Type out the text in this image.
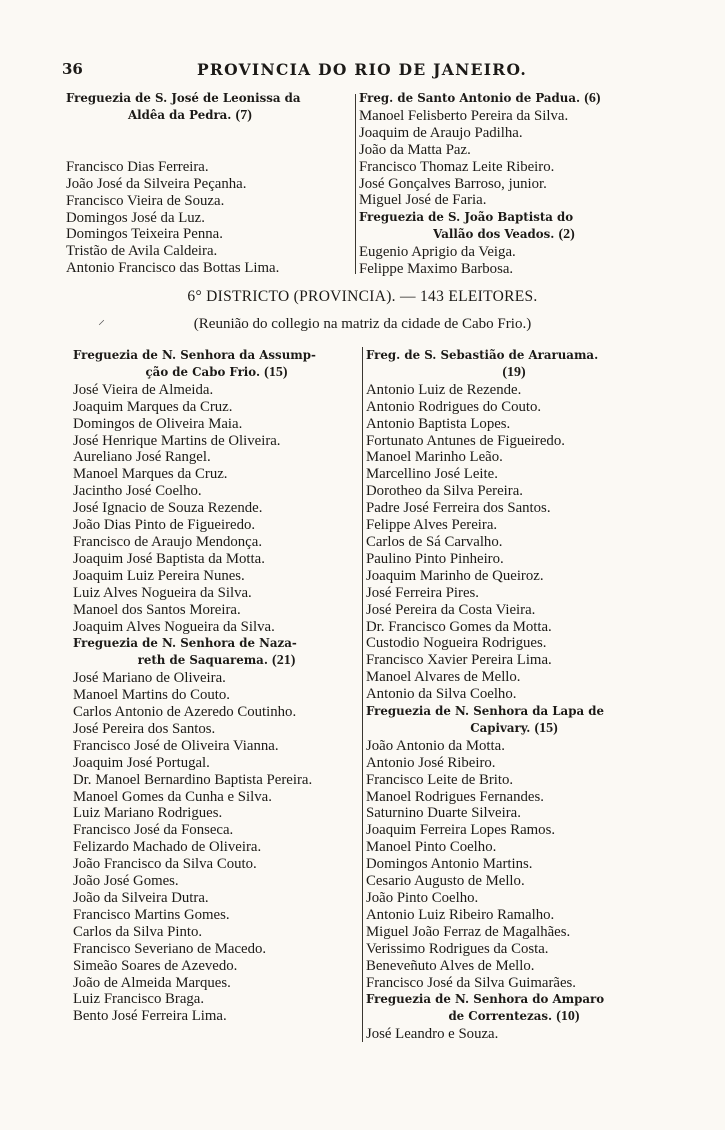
36	PROVINCIA DO RIO DE JANEIRO.
Freguezia de S. José de Leonissa da
Aldêa da Pedra. (7)
Francisco Dias Ferreira.
João José da Silveira Peçanha.
Francisco Vieira de Souza.
Domingos José da Luz.
Domingos Teixeira Penna.
Tristão de Avila Caldeira.
Antonio Francisco das Bottas Lima.
Freg. de Santo Antonio de Padua. (6)
Manoel Felisberto Pereira da Silva.
Joaquim de Araujo Padilha.
João da Matta Paz.
Francisco Thomaz Leite Ribeiro.
José Gonçalves Barroso, junior.
Miguel José de Faria.
Freguezia de S. João Baptista do
Vallão dos Veados. (2)
Eugenio Aprigio da Veiga.
Felippe Maximo Barbosa.
6° DISTRICTO (PROVINCIA). — 143 ELEITORES.
(Reunião do collegio na matriz da cidade de Cabo Frio.)
⸝
Freguezia de N. Senhora da Assump-
ção de Cabo Frio. (15)
José Vieira de Almeida.
Joaquim Marques da Cruz.
Domingos de Oliveira Maia.
José Henrique Martins de Oliveira.
Aureliano José Rangel.
Manoel Marques da Cruz.
Jacintho José Coelho.
José Ignacio de Souza Rezende.
João Dias Pinto de Figueiredo.
Francisco de Araujo Mendonça.
Joaquim José Baptista da Motta.
Joaquim Luiz Pereira Nunes.
Luiz Alves Nogueira da Silva.
Manoel dos Santos Moreira.
Joaquim Alves Nogueira da Silva.
Freguezia de N. Senhora de Naza-
reth de Saquarema. (21)
José Mariano de Oliveira.
Manoel Martins do Couto.
Carlos Antonio de Azeredo Coutinho.
José Pereira dos Santos.
Francisco José de Oliveira Vianna.
Joaquim José Portugal.
Dr. Manoel Bernardino Baptista Pereira.
Manoel Gomes da Cunha e Silva.
Luiz Mariano Rodrigues.
Francisco José da Fonseca.
Felizardo Machado de Oliveira.
João Francisco da Silva Couto.
João José Gomes.
João da Silveira Dutra.
Francisco Martins Gomes.
Carlos da Silva Pinto.
Francisco Severiano de Macedo.
Simeão Soares de Azevedo.
João de Almeida Marques.
Luiz Francisco Braga.
Bento José Ferreira Lima.
Freg. de S. Sebastião de Araruama.
(19)
Antonio Luiz de Rezende.
Antonio Rodrigues do Couto.
Antonio Baptista Lopes.
Fortunato Antunes de Figueiredo.
Manoel Marinho Leão.
Marcellino José Leite.
Dorotheo da Silva Pereira.
Padre José Ferreira dos Santos.
Felippe Alves Pereira.
Carlos de Sá Carvalho.
Paulino Pinto Pinheiro.
Joaquim Marinho de Queiroz.
José Ferreira Pires.
José Pereira da Costa Vieira.
Dr. Francisco Gomes da Motta.
Custodio Nogueira Rodrigues.
Francisco Xavier Pereira Lima.
Manoel Alvares de Mello.
Antonio da Silva Coelho.
Freguezia de N. Senhora da Lapa de
Capivary. (15)
João Antonio da Motta.
Antonio José Ribeiro.
Francisco Leite de Brito.
Manoel Rodrigues Fernandes.
Saturnino Duarte Silveira.
Joaquim Ferreira Lopes Ramos.
Manoel Pinto Coelho.
Domingos Antonio Martins.
Cesario Augusto de Mello.
João Pinto Coelho.
Antonio Luiz Ribeiro Ramalho.
Miguel João Ferraz de Magalhães.
Verissimo Rodrigues da Costa.
Beneveñuto Alves de Mello.
Francisco José da Silva Guimarães.
Freguezia de N. Senhora do Amparo
de Correntezas. (10)
José Leandro e Souza.
